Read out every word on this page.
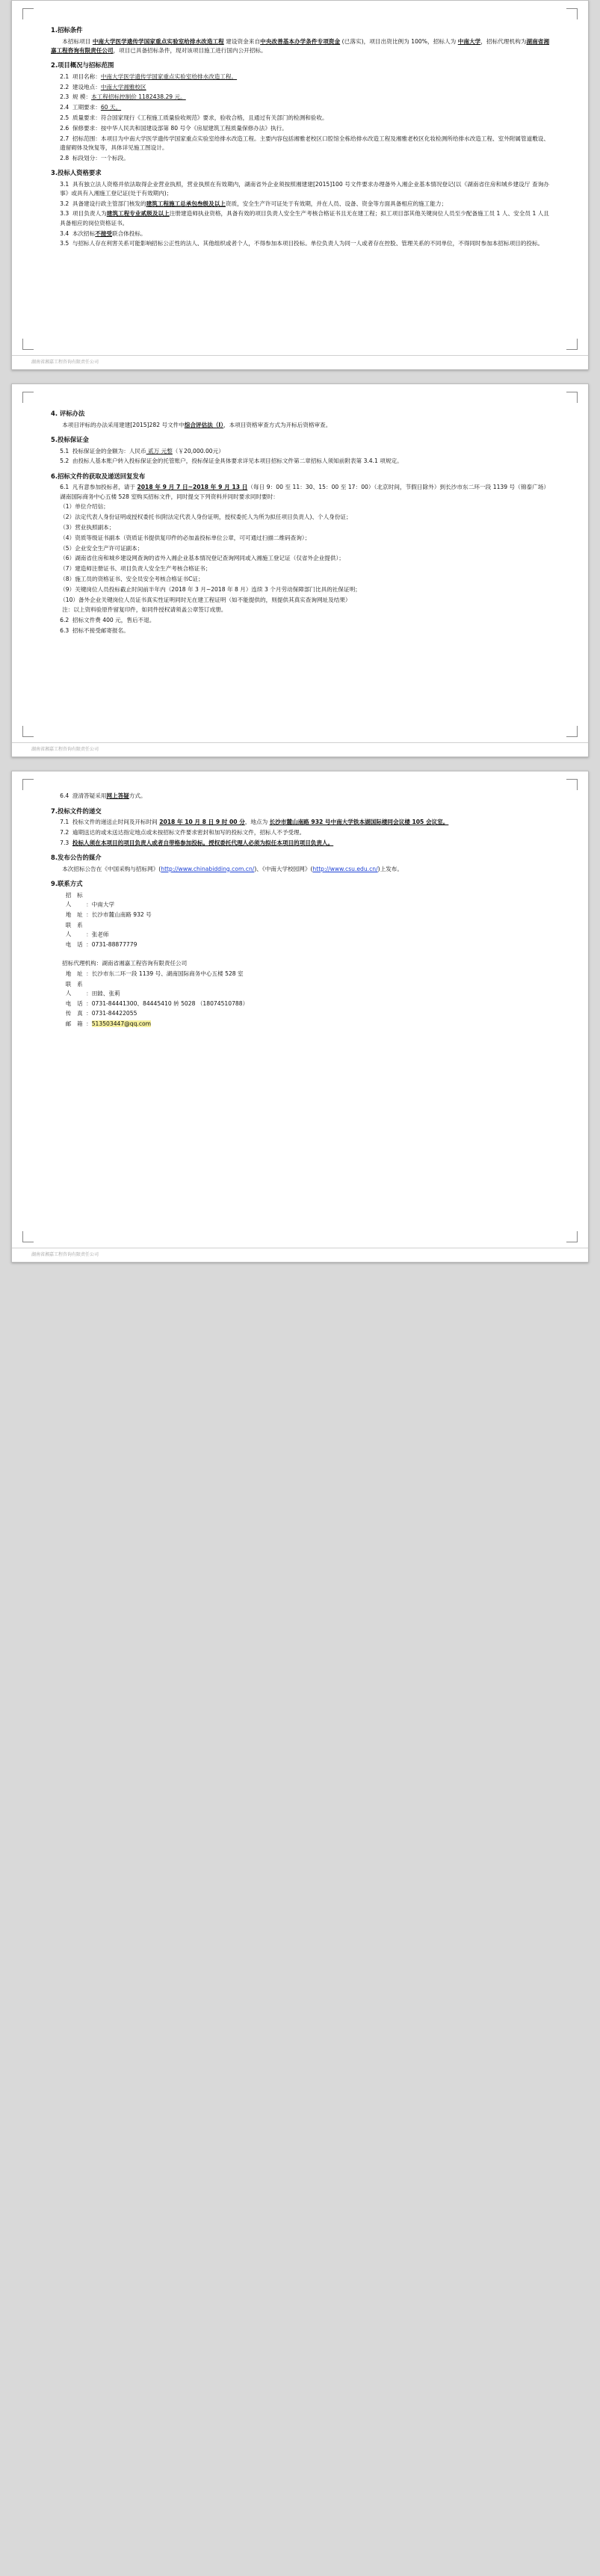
1.招标条件
本招标项目 中南大学医学遗传学国家重点实验室给排水改造工程 建设资金来自中央改善基本办学条件专项资金 (已落实)，项目出资比例为 100%，招标人为 中南大学，招标代理机构为湖南省湘嘉工程咨询有限责任公司，项目已具备招标条件，现对该项目施工进行国内公开招标。
2.项目概况与招标范围
2.1 项目名称：中南大学医学遗传学国家重点实验室给排水改造工程。
2.2 建设地点：中南大学湘雅校区
2.3 规 模：本工程招标控制价 1182438.29 元。
2.4 工期要求：60 天。
2.5 质量要求：符合国家现行《工程施工质量验收规范》要求，验收合格，且通过有关部门的检测和验收。
2.6 保修要求：按中华人民共和国建设部第 80 号令《房屋建筑工程质量保修办法》执行。
2.7 招标范围：本项目为中南大学医学遗传学国家重点实验室给排水改造工程。主要内容包括湘雅老校区口腔馆全栋给排水改造工程及湘雅老校区化妆检测所给排水改造工程、室外附属管道敷设、遗留砌体及恢复等，具体详见施工图设计。
2.8 标段划分：一个标段。
3.投标人资格要求
3.1 具有独立法人资格并依法取得企业营业执照，营业执照在有效期内，湖南省外企业须按照湘建建[2015]100 号文件要求办理备外入湘企业基本情况登记(以《湖南省住房和城乡建设厅 查询办事》或具有入湘施工登记证(处于有效期内)；
3.2 具备建设行政主管部门核发的建筑工程施工总承包叁级及以上资质，安全生产许可证处于有效期，并在人员、设备、资金等方面具备相应的施工能力；
3.3 项目负责人为建筑工程专业贰级及以上注册建造师执业资格，具备有效的项目负责人安全生产考核合格证书且无在建工程；拟工项目部其他关键岗位人员至少配备施工员 1 人、安全员 1 人且具备相应的岗位资格证书。
3.4 本次招标不接受联合体投标。
3.5 与招标人存在利害关系可能影响招标公正性的法人、其他组织或者个人，不得参加本项目投标。单位负责人为同一人或者存在控股、管理关系的不同单位，不得同时参加本招标项目的投标。
湖南省湘嘉工程咨询有限责任公司
4. 评标办法
本项目评标的办法采用建建[2015]282 号文件中综合评估法（Ⅰ），本项目资格审查方式为开标后资格审查。
5.投标保证金
5.1 投标保证金的金额为：人民币 贰万 元整（￥20,000.00元）
5.2 由投标人基本账户转入投标保证金的托管账户，投标保证金具体要求详见本项目招标文件第二章招标人须知前附表第 3.4.1 项规定。
6.招标文件的获取及递送回复发布
6.1 凡有意参加投标者，请于 2018 年 9 月 7 日~2018 年 9 月 13 日（每日 9：00 至 11：30、15：00 至 17：00）（北京时间，节假日除外）到长沙市东二环一段 1139 号（锦泰广场）湖南国际商务中心五楼 528 室购买招标文件，同时提交下列资料并同时要求同时要时：
（1）单位介绍信；
（2）法定代表人身份证明或授权委托书(附法定代表人身份证明，授权委托人为所为拟任项目负责人)、个人身份证；
（3）营业执照副本；
（4）资质等级证书副本（资质证书提供复印件的必加盖投标单位公章，可可通过扫描二维码查询）；
（5）企业安全生产许可证副本；
（6）湖南省住房和城乡建设网查询的省外入湘企业基本情况登记查询网同或入湘施工登记证（仅省外企业提供）；
（7）建造师注册证书、项目负责人安全生产考核合格证书；
（8）施工员的资格证书、安全员安全考核合格证书C证；
（9）关键岗位人员投标截止时间前半年内（2018 年 3 月~2018 年 8 月）连续 3 个月劳动保障部门比具的社保证明；
（10）备外企业关键岗位人员证书真实性证明同时无在建工程证明（如不能提供的，则提供其真实查询网址及结果）
注：以上资料验原件留复印件，如同件授权请须盖公章签订成册。
6.2 招标文件费 400 元，售后不退。
6.3 招标不接受邮寄报名。
湖南省湘嘉工程咨询有限责任公司
6.4 澄清答疑采用网上答疑方式。
7.投标文件的递交
7.1 投标文件的递送止时间及开标时间 2018 年 10 月 8 日 9 时 00 分，地点为 长沙市麓山南路 932 号中南大学铁本湖国际楼同会议楼 105 会议室。
7.2 逾期送达的或未送达指定地点或未按招标文件要求密封和加写的投标文件，招标人不予受理。
7.3 投标人须在本项目的项目负责人或者自带格参加投标。授权委托代理人必须为拟任本项目的项目负责人。
8.发布公告的媒介
本次招标公告在《中国采购与招标网》(http://www.chinabidding.com.cn/)、《中南大学校园网》(http://www.csu.edu.cn/)上发布。
9.联系方式
招 标 人 ：中南大学
地 址 ：长沙市麓山南路 932 号
联 系 人 ：张老师
电 话 ：0731-88877779
招标代理机构：湖南省湘嘉工程咨询有限责任公司
地 址 ：长沙市东二环一段 1139 号、湖南国际商务中心五楼 528 室
联 系 人 ：田錴、张莉
电 话 ：0731-84441300、84445410 转 5028 （18074510788）
传 真 ：0731-84422055
邮 箱 ：513503447@qq.com
湖南省湘嘉工程咨询有限责任公司
